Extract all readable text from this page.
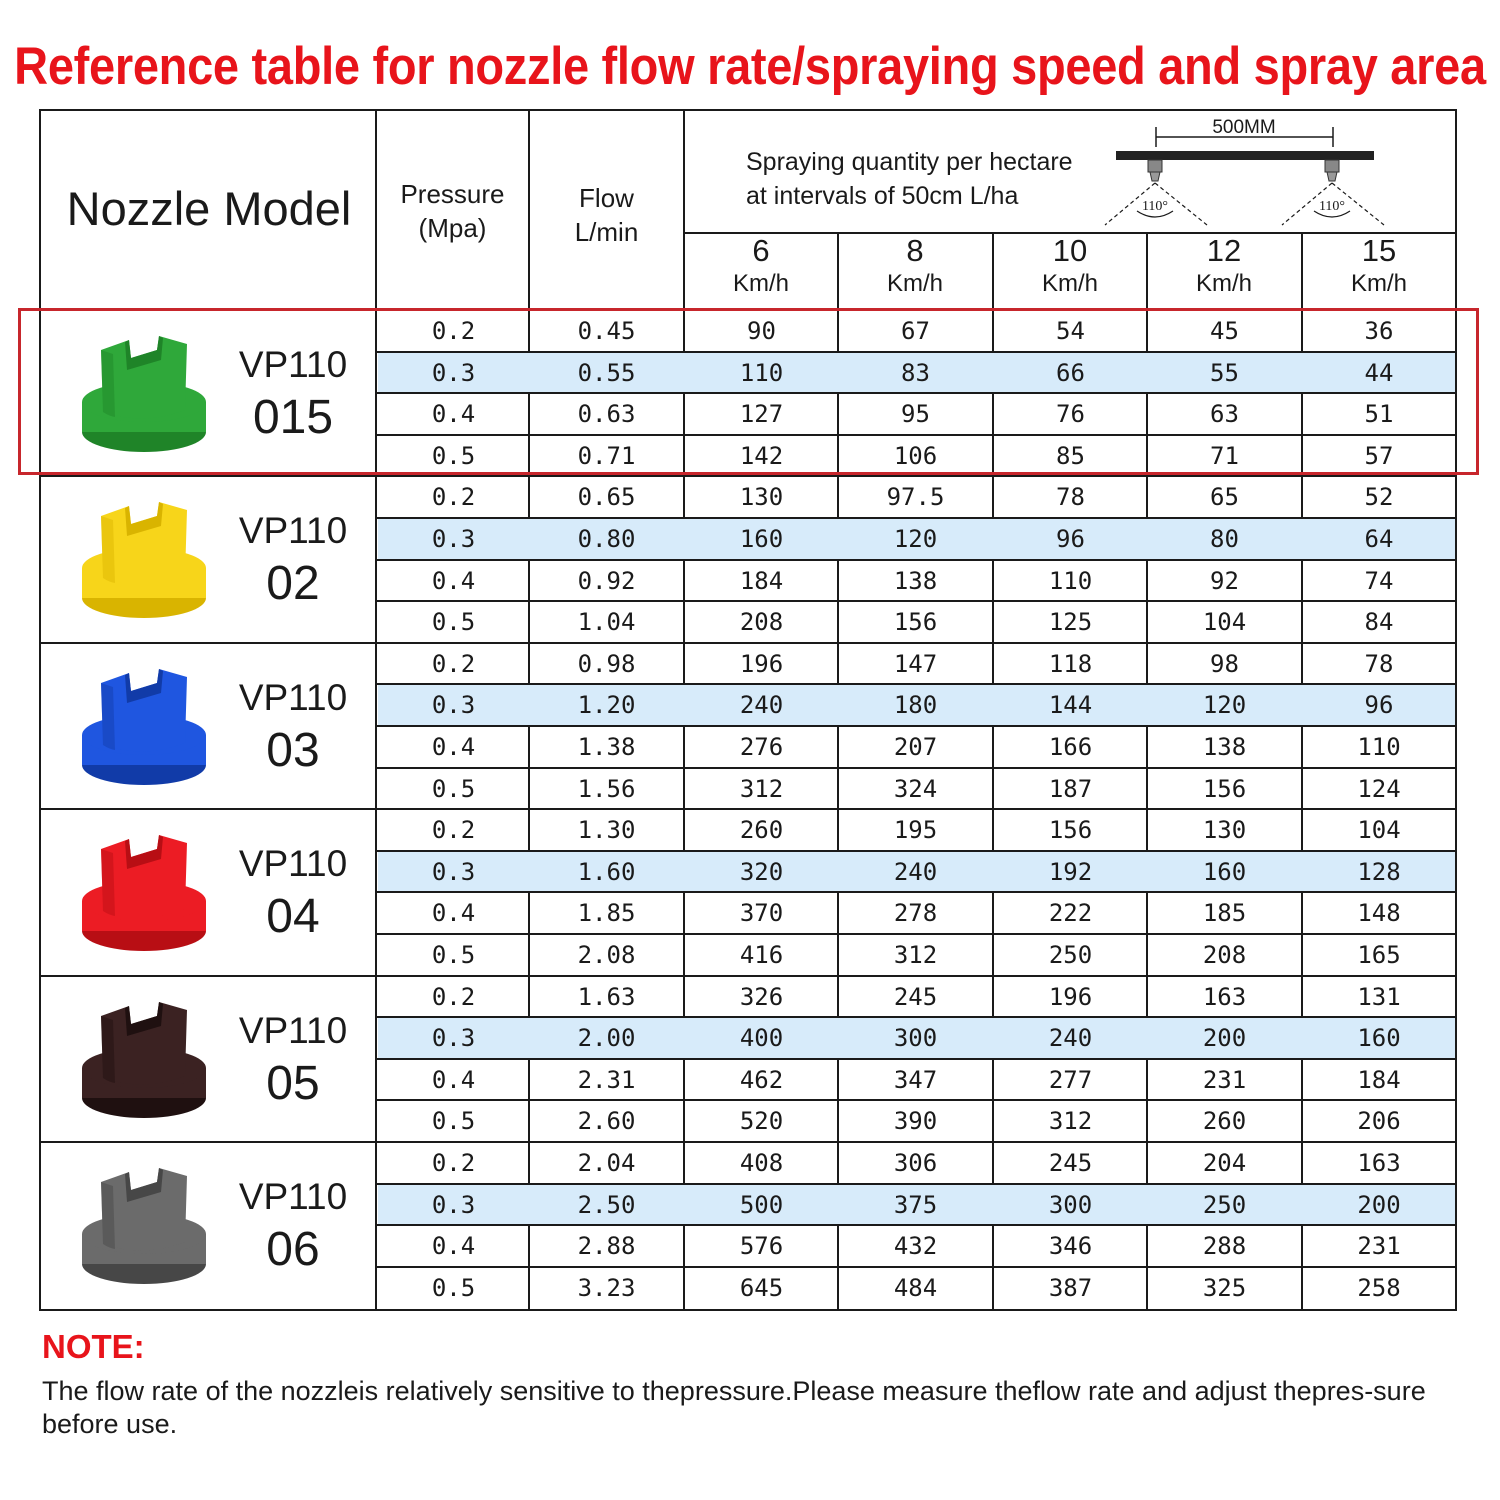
Reference table for nozzle flow rate/spraying speed and spray area
Nozzle Model	Pressure
(Mpa)
Flow
L/min
Spraying quantity per hectare
at intervals of 50cm L/ha
500MM
110°	110°
6
Km/h
8
Km/h
10
Km/h
12
Km/h
15
Km/h
VP110
015
VP110
02
VP110
03
VP110
04
VP110
05
VP110
06
0.2	0.45	90	67	54	45	36
0.3	0.55	110	83	66	55	44
0.4	0.63	127	95	76	63	51
0.5	0.71	142	106	85	71	57
0.2	0.65	130	97.5	78	65	52
0.3	0.80	160	120	96	80	64
0.4	0.92	184	138	110	92	74
0.5	1.04	208	156	125	104	84
0.2	0.98	196	147	118	98	78
0.3	1.20	240	180	144	120	96
0.4	1.38	276	207	166	138	110
0.5	1.56	312	324	187	156	124
0.2	1.30	260	195	156	130	104
0.3	1.60	320	240	192	160	128
0.4	1.85	370	278	222	185	148
0.5	2.08	416	312	250	208	165
0.2	1.63	326	245	196	163	131
0.3	2.00	400	300	240	200	160
0.4	2.31	462	347	277	231	184
0.5	2.60	520	390	312	260	206
0.2	2.04	408	306	245	204	163
0.3	2.50	500	375	300	250	200
0.4	2.88	576	432	346	288	231
0.5	3.23	645	484	387	325	258
NOTE:
The flow rate of the nozzleis relatively sensitive to thepressure.Please measure theflow rate and adjust thepres-sure before use.
